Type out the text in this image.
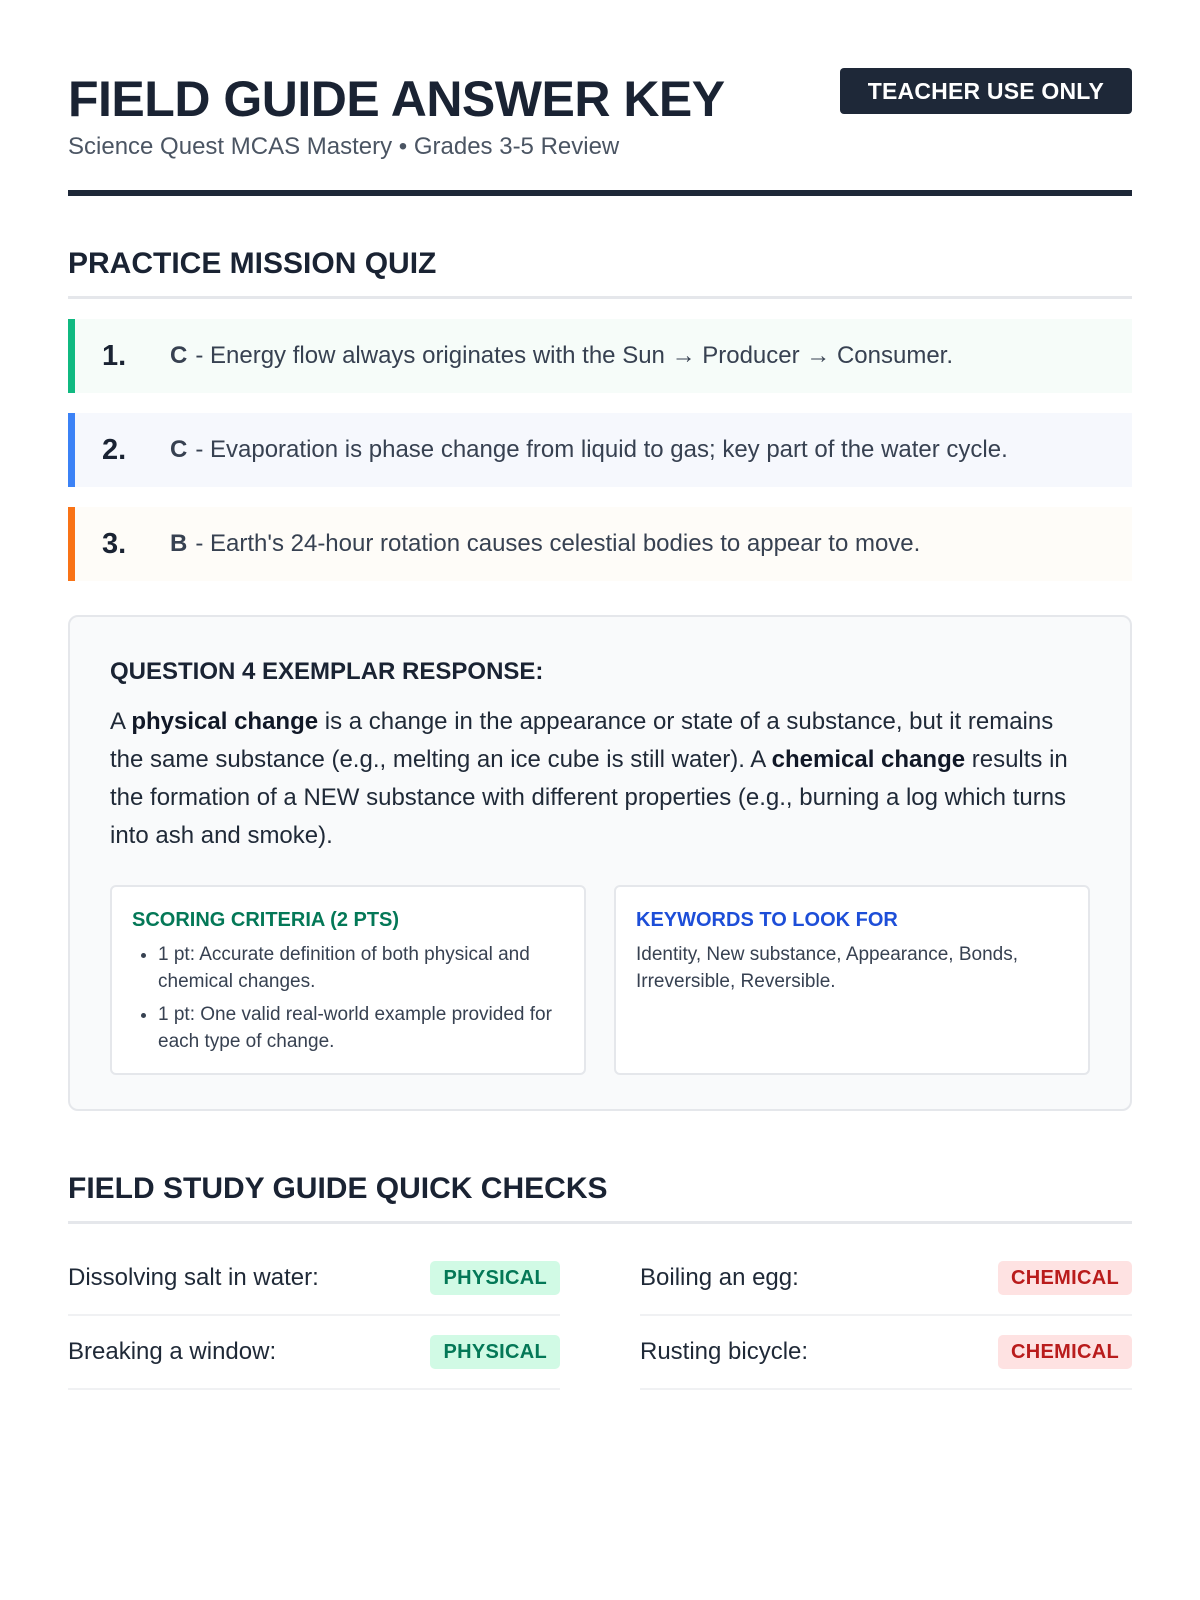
FIELD GUIDE ANSWER KEY
Science Quest MCAS Mastery • Grades 3-5 Review
TEACHER USE ONLY
PRACTICE MISSION QUIZ
1.	C - Energy flow always originates with the Sun → Producer → Consumer.
2.	C - Evaporation is phase change from liquid to gas; key part of the water cycle.
3.	B - Earth's 24-hour rotation causes celestial bodies to appear to move.
QUESTION 4 EXEMPLAR RESPONSE:

A physical change is a change in the appearance or state of a substance, but it remains the same substance (e.g., melting an ice cube is still water). A chemical change results in the formation of a NEW substance with different properties (e.g., burning a log which turns into ash and smoke).

SCORING CRITERIA (2 PTS)
• 1 pt: Accurate definition of both physical and chemical changes.
• 1 pt: One valid real-world example provided for each type of change.
KEYWORDS TO LOOK FOR

Identity, New substance, Appearance, Bonds, Irreversible, Reversible.

FIELD STUDY GUIDE QUICK CHECKS
Dissolving salt in water:	PHYSICAL
Breaking a window:	PHYSICAL
Boiling an egg:	CHEMICAL
Rusting bicycle:	CHEMICAL
